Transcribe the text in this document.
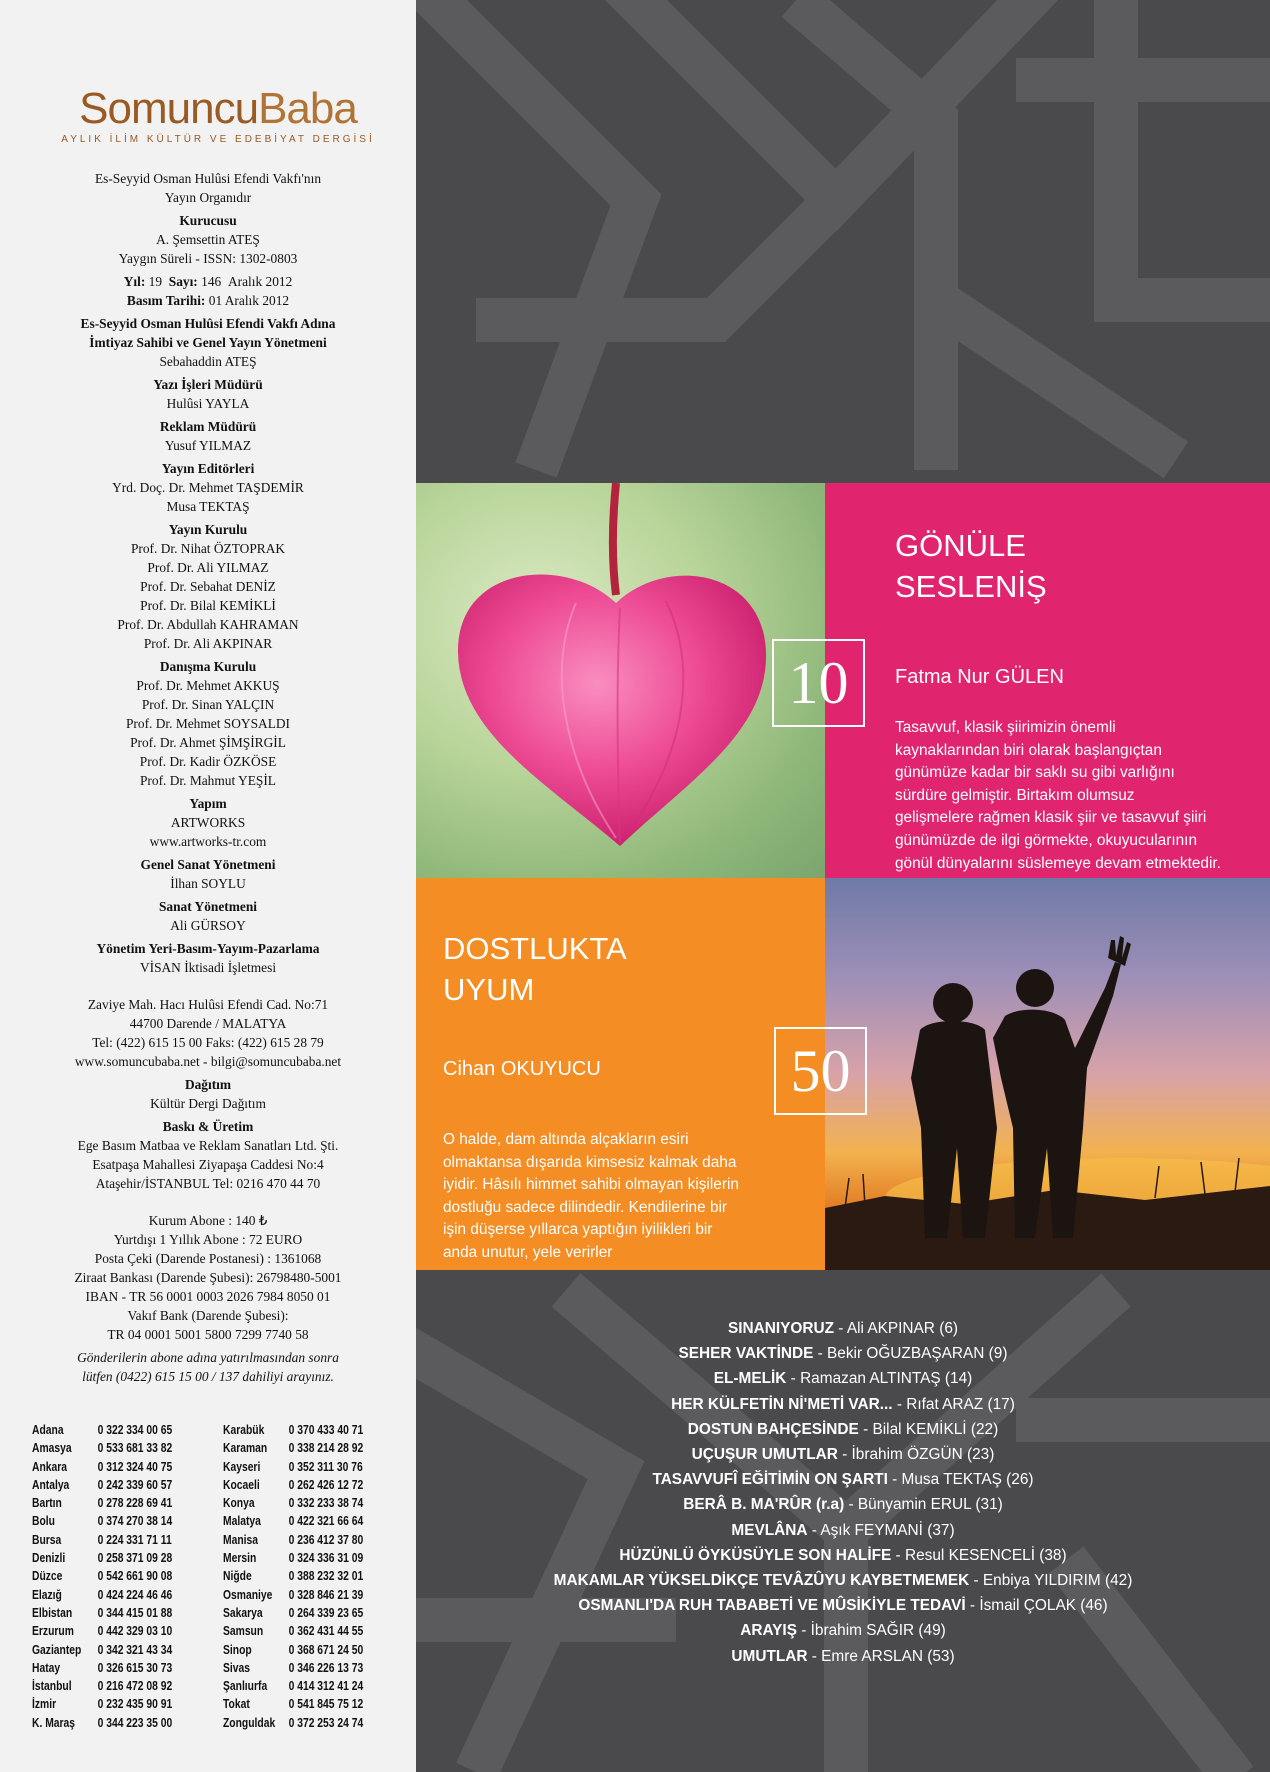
SomuncuBaba
AYLIK İLİM KÜLTÜR VE EDEBİYAT DERGİSİ
Es-Seyyid Osman Hulûsi Efendi Vakfı'nın
Yayın Organıdır
Kurucusu
A. Şemsettin ATEŞ
Yaygın Süreli - ISSN: 1302-0803
Yıl: 19 Sayı: 146 Aralık 2012
Basım Tarihi: 01 Aralık 2012
Es-Seyyid Osman Hulûsi Efendi Vakfı Adına
İmtiyaz Sahibi ve Genel Yayın Yönetmeni
Sebahaddin ATEŞ
Yazı İşleri Müdürü
Hulûsi YAYLA
Reklam Müdürü
Yusuf YILMAZ
Yayın Editörleri
Yrd. Doç. Dr. Mehmet TAŞDEMİR
Musa TEKTAŞ
Yayın Kurulu
Prof. Dr. Nihat ÖZTOPRAK
Prof. Dr. Ali YILMAZ
Prof. Dr. Sebahat DENİZ
Prof. Dr. Bilal KEMİKLİ
Prof. Dr. Abdullah KAHRAMAN
Prof. Dr. Ali AKPINAR
Danışma Kurulu
Prof. Dr. Mehmet AKKUŞ
Prof. Dr. Sinan YALÇIN
Prof. Dr. Mehmet SOYSALDI
Prof. Dr. Ahmet ŞİMŞİRGİL
Prof. Dr. Kadir ÖZKÖSE
Prof. Dr. Mahmut YEŞİL
Yapım
ARTWORKS
www.artworks-tr.com
Genel Sanat Yönetmeni
İlhan SOYLU
Sanat Yönetmeni
Ali GÜRSOY
Yönetim Yeri-Basım-Yayım-Pazarlama
VİSAN İktisadi İşletmesi
Zaviye Mah. Hacı Hulûsi Efendi Cad. No:71
44700 Darende / MALATYA
Tel: (422) 615 15 00 Faks: (422) 615 28 79
www.somuncubaba.net - bilgi@somuncubaba.net
Dağıtım
Kültür Dergi Dağıtım
Baskı & Üretim
Ege Basım Matbaa ve Reklam Sanatları Ltd. Şti.
Esatpaşa Mahallesi Ziyapaşa Caddesi No:4
Ataşehir/İSTANBUL Tel: 0216 470 44 70
Kurum Abone : 140 ₺
Yurtdışı 1 Yıllık Abone : 72 EURO
Posta Çeki (Darende Postanesi) : 1361068
Ziraat Bankası (Darende Şubesi): 26798480-5001
IBAN - TR 56 0001 0003 2026 7984 8050 01
Vakıf Bank (Darende Şubesi):
TR 04 0001 5001 5800 7299 7740 58
Gönderilerin abone adına yatırılmasından sonra
lütfen (0422) 615 15 00 / 137 dahiliyi arayınız.
Adana	0 322 334 00 65
Amasya	0 533 681 33 82
Ankara	0 312 324 40 75
Antalya	0 242 339 60 57
Bartın	0 278 228 69 41
Bolu	0 374 270 38 14
Bursa	0 224 331 71 11
Denizli	0 258 371 09 28
Düzce	0 542 661 90 08
Elazığ	0 424 224 46 46
Elbistan	0 344 415 01 88
Erzurum	0 442 329 03 10
Gaziantep	0 342 321 43 34
Hatay	0 326 615 30 73
İstanbul	0 216 472 08 92
İzmir	0 232 435 90 91
K. Maraş	0 344 223 35 00
Karabük	0 370 433 40 71
Karaman	0 338 214 28 92
Kayseri	0 352 311 30 76
Kocaeli	0 262 426 12 72
Konya	0 332 233 38 74
Malatya	0 422 321 66 64
Manisa	0 236 412 37 80
Mersin	0 324 336 31 09
Niğde	0 388 232 32 01
Osmaniye	0 328 846 21 39
Sakarya	0 264 339 23 65
Samsun	0 362 431 44 55
Sinop	0 368 671 24 50
Sivas	0 346 226 13 73
Şanlıurfa	0 414 312 41 24
Tokat	0 541 845 75 12
Zonguldak	0 372 253 24 74
GÖNÜLE
SESLENİŞ
Fatma Nur GÜLEN
Tasavvuf, klasik şiirimizin önemli
kaynaklarından biri olarak başlangıçtan
günümüze kadar bir saklı su gibi varlığını
sürdüre gelmiştir. Birtakım olumsuz
gelişmelere rağmen klasik şiir ve tasavvuf şiiri
günümüzde de ilgi görmekte, okuyucularının
gönül dünyalarını süslemeye devam etmektedir.
10
DOSTLUKTA
UYUM
Cihan OKUYUCU
O halde, dam altında alçakların esiri
olmaktansa dışarıda kimsesiz kalmak daha
iyidir. Hâsılı himmet sahibi olmayan kişilerin
dostluğu sadece dilindedir. Kendilerine bir
işin düşerse yıllarca yaptığın iyilikleri bir
anda unutur, yele verirler
50
SINANIYORUZ - Ali AKPINAR (6)
SEHER VAKTİNDE - Bekir OĞUZBAŞARAN (9)
EL-MELİK - Ramazan ALTINTAŞ (14)
HER KÜLFETİN Nİ'METİ VAR... - Rıfat ARAZ (17)
DOSTUN BAHÇESİNDE - Bilal KEMİKLİ (22)
UÇUŞUR UMUTLAR - İbrahim ÖZGÜN (23)
TASAVVUFÎ EĞİTİMİN ON ŞARTI - Musa TEKTAŞ (26)
BERÂ B. MA'RÛR (r.a) - Bünyamin ERUL (31)
MEVLÂNA - Aşık FEYMANİ (37)
HÜZÜNLÜ ÖYKÜSÜYLE SON HALİFE - Resul KESENCELİ (38)
MAKAMLAR YÜKSELDİKÇE TEVÂZÛYU KAYBETMEMEK - Enbiya YILDIRIM (42)
OSMANLI'DA RUH TABABETİ VE MÛSİKİYLE TEDAVİ - İsmail ÇOLAK (46)
ARAYIŞ - İbrahim SAĞIR (49)
UMUTLAR - Emre ARSLAN (53)
